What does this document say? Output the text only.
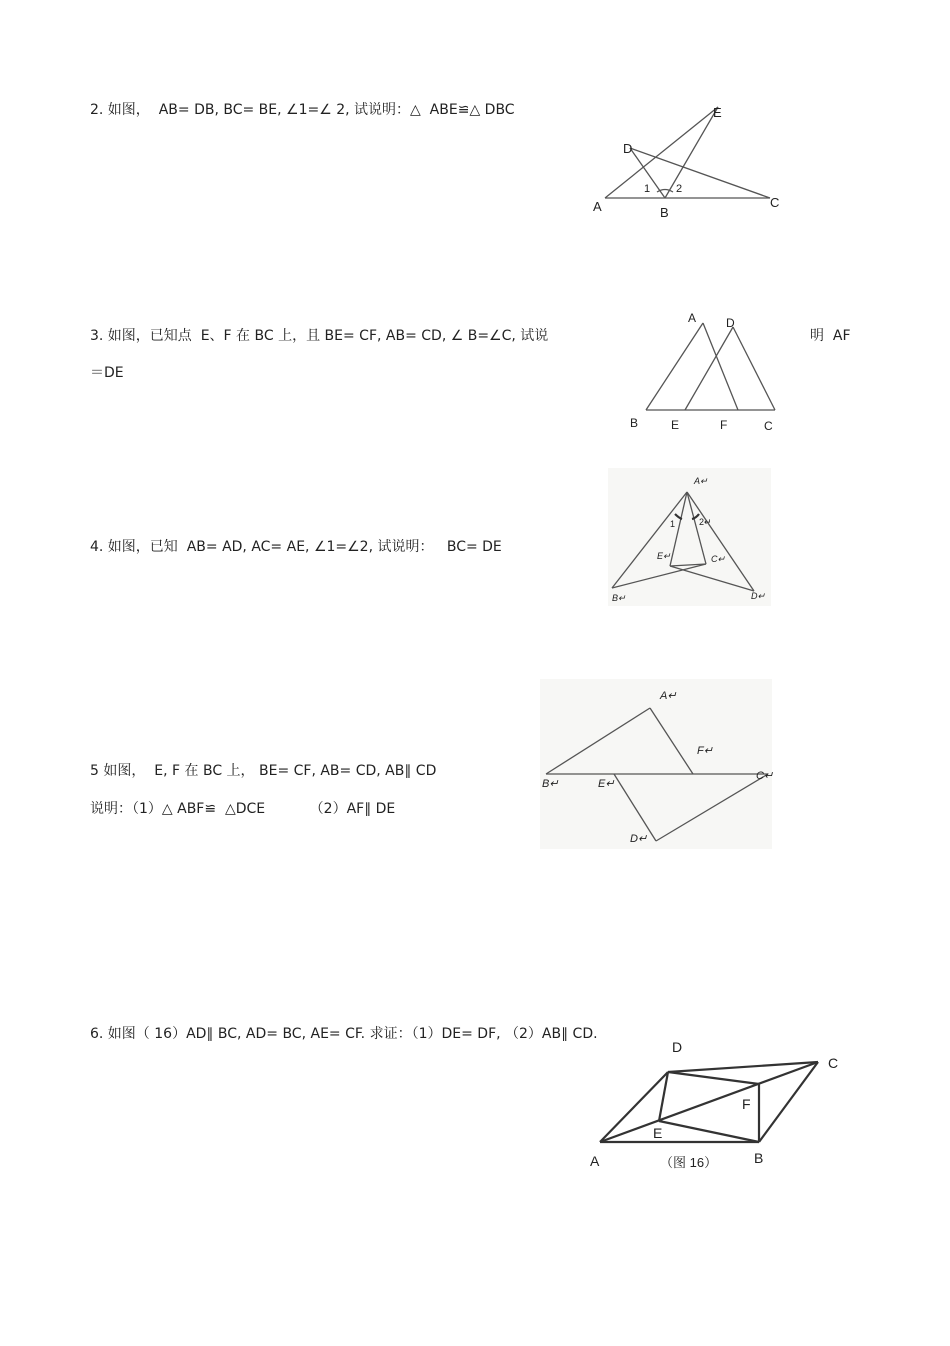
2. 如图，  AB= DB, BC= BE, ∠1=∠ 2, 试说明：△  ABE≌△ DBC	E
D
A	B
C
1 2
3. 如图，已知点  E、F 在 BC 上，且 BE= CF, AB= CD, ∠ B=∠C, 试说	明  AF
＝DE
A D
B	E	F	C
4. 如图，已知  AB= AD, AC= AE, ∠1=∠2, 试说明：   BC= DE
A↵
1	2↵
E↵	C↵
B↵	D↵
5 如图，  E, F 在 BC 上， BE= CF, AB= CD, AB∥ CD
说明：（1）△ ABF≌  △DCE          （2）AF∥ DE
A↵
F↵
B↵	E↵
C↵
D↵
6. 如图（ 16）AD∥ BC, AD= BC, AE= CF. 求证：（1）DE= DF, （2）AB∥ CD.
D
C
F
E
A	B
（图 16）
